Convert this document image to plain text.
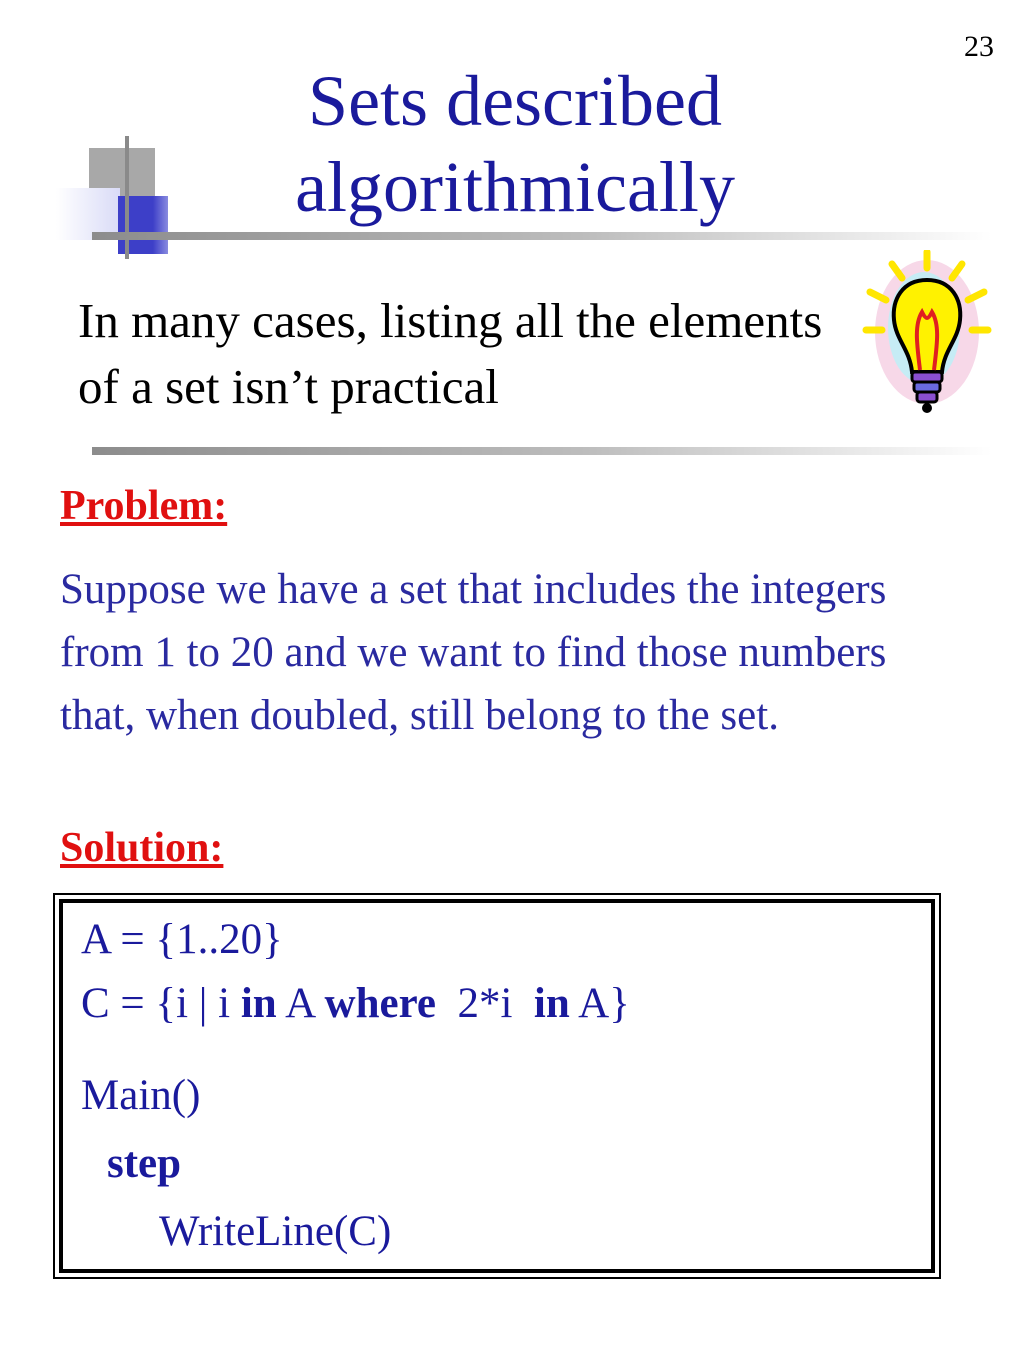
23
Sets described
algorithmically

In many cases, listing all the elements of a set isn’t practical

Problem:

Suppose we have a set that includes the integers from 1 to 20 and we want to find those numbers that, when doubled, still belong to the set.

Solution:
A = {1..20}
C = {i | i in A where  2*i  in A}
Main()
step
WriteLine(C)
